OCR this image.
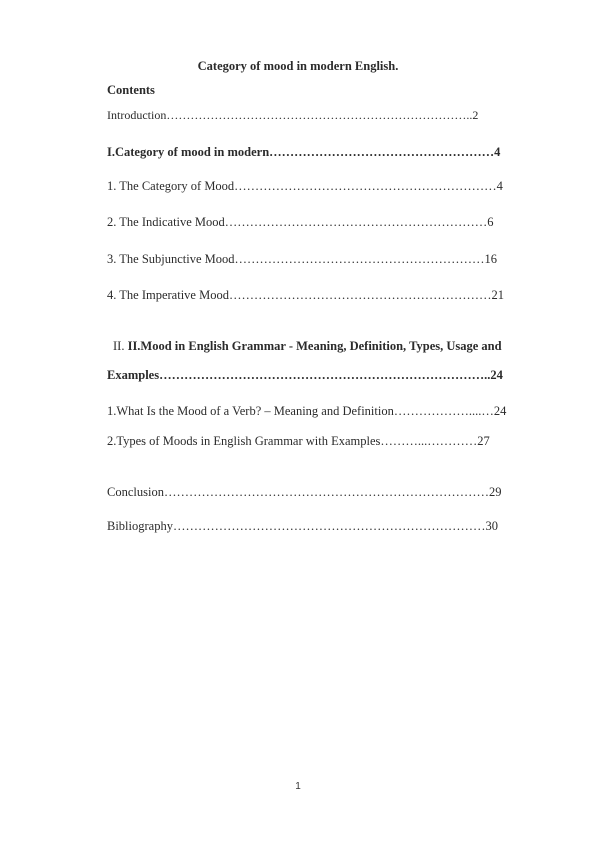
Category of mood in modern English.
Contents
Introduction…………………………………………………………………..2
I.Category of mood in modern………………………………………………4
1. The Category of Mood………………………………………………………4
2. The Indicative Mood………………………………………………………6
3. The Subjunctive Mood……………………………………………………16
4. The Imperative Mood………………………………………………………21
II. II.Mood in English Grammar - Meaning, Definition, Types, Usage and
Examples……………………………………………………………………..24
1.What Is the Mood of a Verb? – Meaning and Definition………………....…24
2.Types of Moods in English Grammar with Examples………...…………27
Conclusion……………………………………………………………………29
Bibliography…………………………………………………………………30
1
